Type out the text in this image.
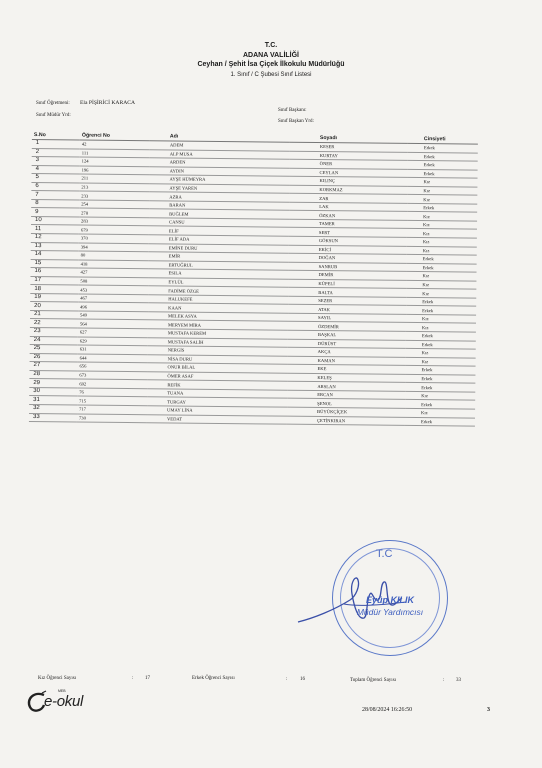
T.C.
ADANA VALİLİĞİ
Ceyhan / Şehit İsa Çiçek İlkokulu Müdürlüğü
1. Sınıf / C Şubesi Sınıf Listesi
Sınıf Öğretmeni: Ela PİŞİRİCİ KARACA
Sınıf Müdür Yrd:
Sınıf Başkanı:
Sınıf Başkan Yrd:
S.No	Öğrenci No	Adı	Soyadı	Cinsiyeti
1	42	ADEM	KESER	Erkek
2	111	ALP MUSA	KURTAY	Erkek
3	124	ARDEN	ÖNER	Erkek
4	196	AYDIN	CEYLAN	Erkek
5	211	AYŞE HÜMEYRA	KILINÇ	Kız
6	213	AYŞE YAREN	KORKMAZ	Kız
7	233	AZRA	ZAR	Kız
8	254	BARAN	LAK	Erkek
9	278	BUĞLEM	ÖZKAN	Kız
10	283	CANSU	TAMER	Kız
11	679	ELİF	SERT	Kız
12	370	ELİF ADA	GÖKSUN	Kız
13	394	EMİNE DURU	EKİCİ	Kız
14	80	EMİR	DOĞAN	Erkek
15	418	ERTUĞRUL	SANRUB	Erkek
16	427	ESILA	DEMİR	Kız
17	508	EYLÜL	KÜPELİ	Kız
18	453	FADİME ÖZGE	BALTA	Kız
19	467	HALUKEFE	SEZER	Erkek
20	496	KAAN	ATAK	Erkek
21	549	MELEK ASYA	SAYIL	Kız
22	564	MERYEM MİRA	ÖZDEMİR	Kız
23	627	MUSTAFA KEREM	BAŞKAL	Erkek
24	629	MUSTAFA SALİH	DÜRÜST	Erkek
25	631	NERGİS	AKÇA	Kız
26	644	NİSA DURU	KAMAN	Kız
27	656	ONUR BİLAL	EKE	Erkek
28	673	ÖMER ASAF	KELEŞ	Erkek
29	692	REFİK	ARSLAN	Erkek
30	76	TUANA	ERCAN	Kız
31	715	TURGAY	ŞENOL	Erkek
32	717	UMAY LİNA	BÜYÜKÇİÇEK	Kız
33	730	VEDAT	ÇETİNKIRAN	Erkek
T.C
Eyüp KILIK
Müdür Yardımcısı
Kız Öğrenci Sayısı	: 17	Erkek Öğrenci Sayısı	:	16	Toplam Öğrenci Sayısı	: 33
MEB
e-okul	28/08/2024 16:26:50	3
